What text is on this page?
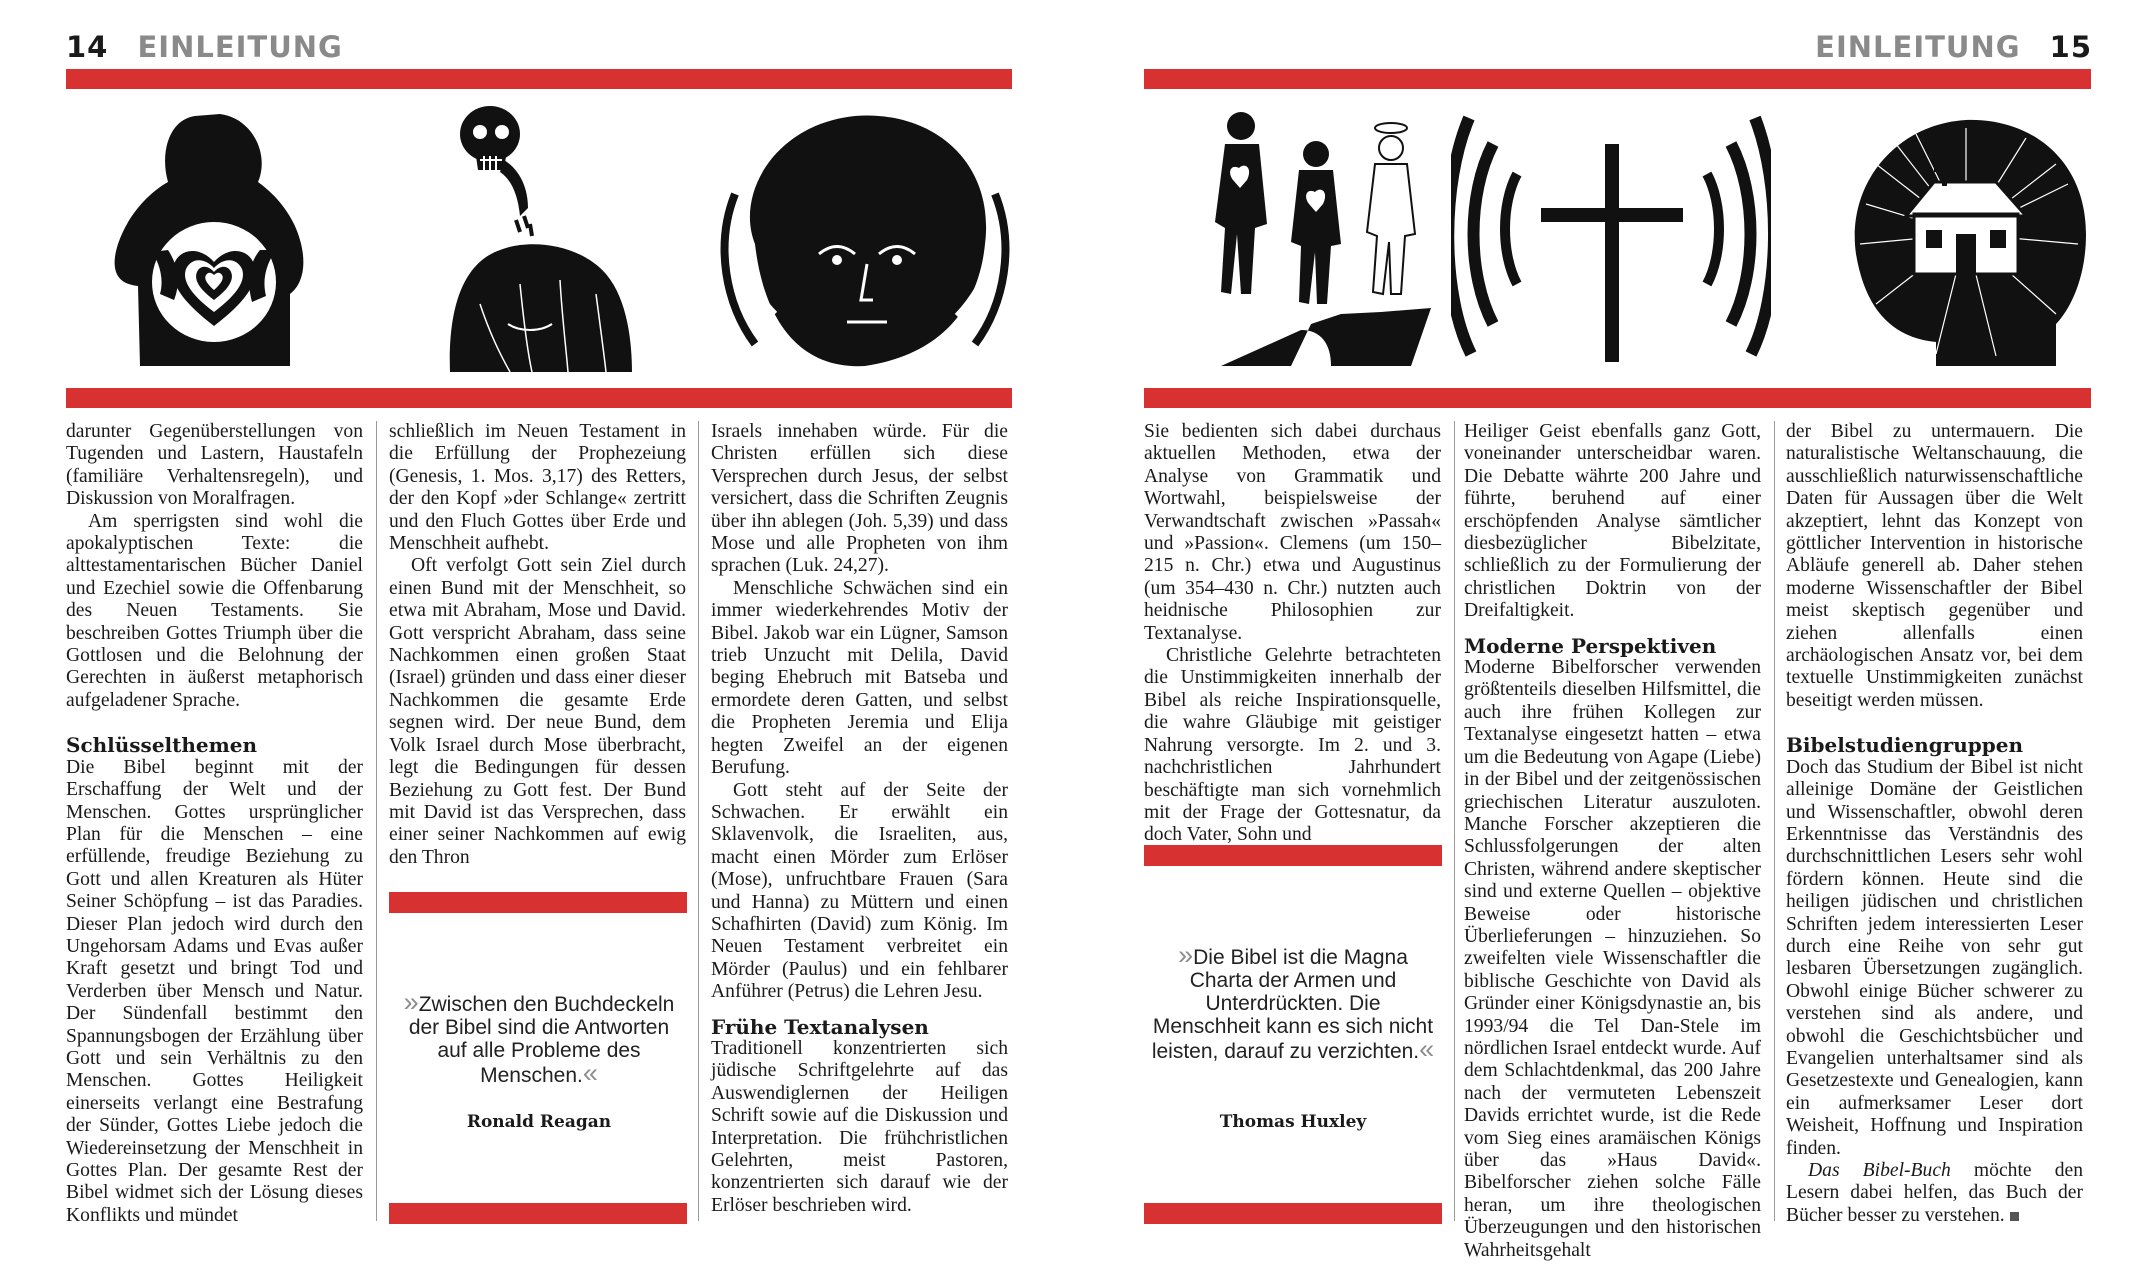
14 EINLEITUNG

darunter Gegenüberstellungen von Tugenden und Lastern, Haustafeln (familiäre Verhaltensregeln), und Diskussion von Moralfragen.

Am sperrigsten sind wohl die apokalyptischen Texte: die alttestamentarischen Bücher Daniel und Ezechiel sowie die Offenbarung des Neuen Testaments. Sie beschreiben Gottes Triumph über die Gottlosen und die Belohnung der Gerechten in äußerst metaphorisch aufgeladener Sprache.

Schlüsselthemen

Die Bibel beginnt mit der Erschaffung der Welt und der Menschen. Gottes ursprünglicher Plan für die Menschen – eine erfüllende, freudige Beziehung zu Gott und allen Kreaturen als Hüter Seiner Schöpfung – ist das Paradies. Dieser Plan jedoch wird durch den Ungehorsam Adams und Evas außer Kraft gesetzt und bringt Tod und Verderben über Mensch und Natur. Der Sündenfall bestimmt den Spannungsbogen der Erzählung über Gott und sein Verhältnis zu den Menschen. Gottes Heiligkeit einerseits verlangt eine Bestrafung der Sünder, Gottes Liebe jedoch die Wiedereinsetzung der Menschheit in Gottes Plan. Der gesamte Rest der Bibel widmet sich der Lösung dieses Konflikts und mündet

schließlich im Neuen Testament in die Erfüllung der Prophezeiung (Genesis, 1. Mos. 3,17) des Retters, der den Kopf »der Schlange« zertritt und den Fluch Gottes über Erde und Menschheit aufhebt.

Oft verfolgt Gott sein Ziel durch einen Bund mit der Menschheit, so etwa mit Abraham, Mose und David. Gott verspricht Abraham, dass seine Nachkommen einen großen Staat (Israel) gründen und dass einer dieser Nachkommen die gesamte Erde segnen wird. Der neue Bund, dem Volk Israel durch Mose überbracht, legt die Bedingungen für dessen Beziehung zu Gott fest. Der Bund mit David ist das Versprechen, dass einer seiner Nachkommen auf ewig den Thron

»Zwischen den Buchdeckeln der Bibel sind die Antworten auf alle Probleme des Menschen.«
Ronald Reagan

Israels innehaben würde. Für die Christen erfüllen sich diese Versprechen durch Jesus, der selbst versichert, dass die Schriften Zeugnis über ihn ablegen (Joh. 5,39) und dass Mose und alle Propheten von ihm sprachen (Luk. 24,27).

Menschliche Schwächen sind ein immer wiederkehrendes Motiv der Bibel. Jakob war ein Lügner, Samson trieb Unzucht mit Delila, David beging Ehebruch mit Batseba und ermordete deren Gatten, und selbst die Propheten Jeremia und Elija hegten Zweifel an der eigenen Berufung.

Gott steht auf der Seite der Schwachen. Er erwählt ein Sklavenvolk, die Israeliten, aus, macht einen Mörder zum Erlöser (Mose), unfruchtbare Frauen (Sara und Hanna) zu Müttern und einen Schafhirten (David) zum König. Im Neuen Testament verbreitet ein Mörder (Paulus) und ein fehlbarer Anführer (Petrus) die Lehren Jesu.

Frühe Textanalysen

Traditionell konzentrierten sich jüdische Schriftgelehrte auf das Auswendiglernen der Heiligen Schrift sowie auf die Diskussion und Interpretation. Die frühchristlichen Gelehrten, meist Pastoren, konzentrierten sich darauf wie der Erlöser beschrieben wird.

EINLEITUNG 15

Sie bedienten sich dabei durchaus aktuellen Methoden, etwa der Analyse von Grammatik und Wortwahl, beispielsweise der Verwandtschaft zwischen »Passah« und »Passion«. Clemens (um 150–215 n. Chr.) etwa und Augustinus (um 354–430 n. Chr.) nutzten auch heidnische Philosophien zur Textanalyse.

Christliche Gelehrte betrachteten die Unstimmigkeiten innerhalb der Bibel als reiche Inspirationsquelle, die wahre Gläubige mit geistiger Nahrung versorgte. Im 2. und 3. nachchristlichen Jahrhundert beschäftigte man sich vornehmlich mit der Frage der Gottesnatur, da doch Vater, Sohn und

»Die Bibel ist die Magna Charta der Armen und Unterdrückten. Die Menschheit kann es sich nicht leisten, darauf zu verzichten.«
Thomas Huxley

Heiliger Geist ebenfalls ganz Gott, voneinander unterscheidbar waren. Die Debatte währte 200 Jahre und führte, beruhend auf einer erschöpfenden Analyse sämtlicher diesbezüglicher Bibelzitate, schließlich zu der Formulierung der christlichen Doktrin von der Dreifaltigkeit.

Moderne Perspektiven

Moderne Bibelforscher verwenden größtenteils dieselben Hilfsmittel, die auch ihre frühen Kollegen zur Textanalyse eingesetzt hatten – etwa um die Bedeutung von Agape (Liebe) in der Bibel und der zeitgenössischen griechischen Literatur auszuloten. Manche Forscher akzeptieren die Schlussfolgerungen der alten Christen, während andere skeptischer sind und externe Quellen – objektive Beweise oder historische Überlieferungen – hinzuziehen. So zweifelten viele Wissenschaftler die biblische Geschichte von David als Gründer einer Königsdynastie an, bis 1993/94 die Tel Dan-Stele im nördlichen Israel entdeckt wurde. Auf dem Schlachtdenkmal, das 200 Jahre nach der vermuteten Lebenszeit Davids errichtet wurde, ist die Rede vom Sieg eines aramäischen Königs über das »Haus David«. Bibelforscher ziehen solche Fälle heran, um ihre theologischen Überzeugungen und den historischen Wahrheitsgehalt

der Bibel zu untermauern. Die naturalistische Weltanschauung, die ausschließlich naturwissenschaftliche Daten für Aussagen über die Welt akzeptiert, lehnt das Konzept von göttlicher Intervention in historische Abläufe generell ab. Daher stehen moderne Wissenschaftler der Bibel meist skeptisch gegenüber und ziehen allenfalls einen archäologischen Ansatz vor, bei dem textuelle Unstimmigkeiten zunächst beseitigt werden müssen.

Bibelstudiengruppen

Doch das Studium der Bibel ist nicht alleinige Domäne der Geistlichen und Wissenschaftler, obwohl deren Erkenntnisse das Verständnis des durchschnittlichen Lesers sehr wohl fördern können. Heute sind die heiligen jüdischen und christlichen Schriften jedem interessierten Leser durch eine Reihe von sehr gut lesbaren Übersetzungen zugänglich. Obwohl einige Bücher schwerer zu verstehen sind als andere, und obwohl die Geschichtsbücher und Evangelien unterhaltsamer sind als Gesetzestexte und Genealogien, kann ein aufmerksamer Leser dort Weisheit, Hoffnung und Inspiration finden.

Das Bibel-Buch möchte den Lesern dabei helfen, das Buch der Bücher besser zu verstehen.
